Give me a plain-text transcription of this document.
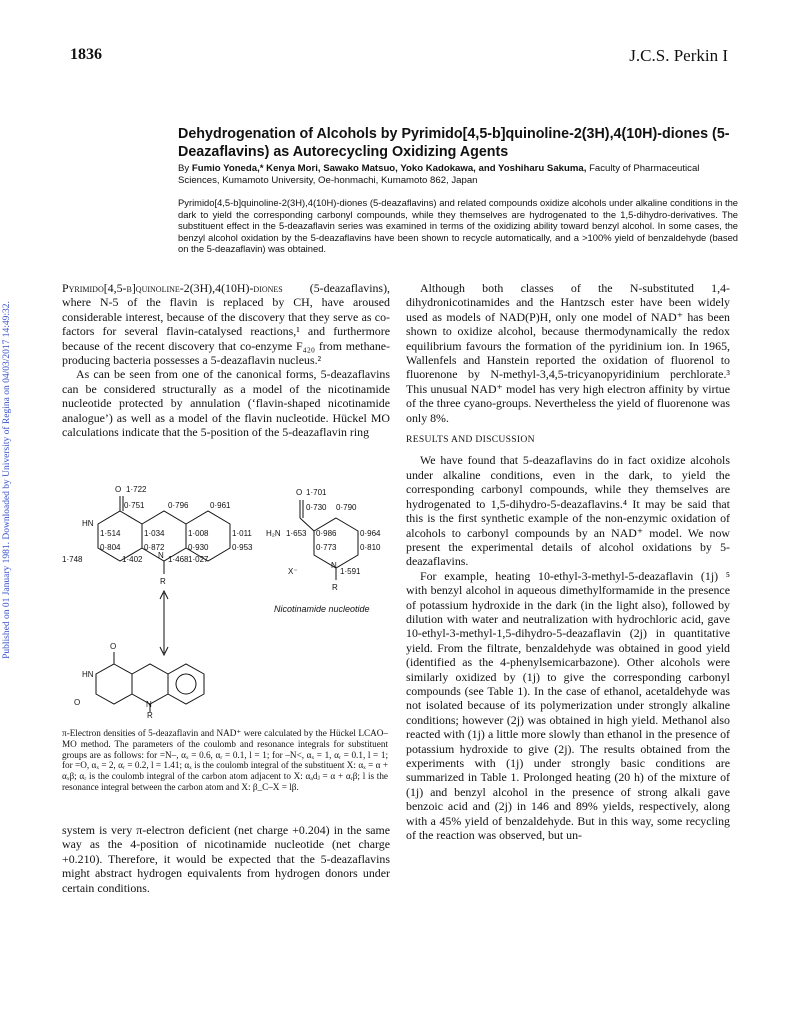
1836	J.C.S. Perkin I
Published on 01 January 1981. Downloaded by University of Regina on 04/03/2017 14:49:32.
Dehydrogenation of Alcohols by Pyrimido[4,5-b]quinoline-2(3H),4(10H)-diones (5-Deazaflavins) as Autorecycling Oxidizing Agents
By Fumio Yoneda,* Kenya Mori, Sawako Matsuo, Yoko Kadokawa, and Yoshiharu Sakuma, Faculty of Pharmaceutical Sciences, Kumamoto University, Oe-honmachi, Kumamoto 862, Japan
Pyrimido[4,5-b]quinoline-2(3H),4(10H)-diones (5-deazaflavins) and related compounds oxidize alcohols under alkaline conditions in the dark to yield the corresponding carbonyl compounds, while they themselves are hydrogenated to the 1,5-dihydro-derivatives. The substituent effect in the 5-deazaflavin series was examined in terms of the oxidizing ability toward benzyl alcohol. In some cases, the benzyl alcohol oxidation by the 5-deazaflavins have been shown to recycle automatically, and a >100% yield of benzaldehyde (based on the 5-deazaflavin) was obtained.

Pyrimido[4,5-b]quinoline-2(3H),4(10H)-diones (5-deazaflavins), where N-5 of the flavin is replaced by CH, have aroused considerable interest, because of the discovery that they serve as co-factors for several flavin-catalysed reactions,¹ and furthermore because of the recent discovery that co-enzyme F₄₂₀ from methane-producing bacteria possesses a 5-deazaflavin nucleus.²

As can be seen from one of the canonical forms, 5-deazaflavins can be considered structurally as a model of the nicotinamide nucleotide protected by annulation (‘flavin-shaped nicotinamide analogue’) as well as a model of the flavin nucleotide. Hückel MO calculations indicate that the 5-position of the 5-deazaflavin ring

O 1·722
HN
0·751	0·796	0·961
1·514	1·034	1·008	1·011
0·804	0·872	0·930	0·953
1·748	1·402 N 1·468 1·027
R
O 1·701
0·730 0·790
H₂N 1·653 0·986	0·964
0·773	0·810
N
1·591
X⁻
R
Nicotinamide nucleotide
O
HN
O	N
R
π-Electron densities of 5-deazaflavin and NAD⁺ were calculated by the Hückel LCAO–MO method. The parameters of the coulomb and resonance integrals for substituent groups are as follows: for =N–, αₓ = 0.6, αᵣ = 0.1, l = 1; for –N<, αₓ = 1, αᵣ = 0.1, l = 1; for =O, αₓ = 2, αᵣ = 0.2, l = 1.41; αₓ is the coulomb integral of the substituent X: αₓ = α + αₓβ; αᵣ is the coulomb integral of the carbon atom adjacent to X: αₐdⱼ = α + αᵣβ; l is the resonance integral between the carbon atom and X: β_C–X = lβ.

system is very π-electron deficient (net charge +0.204) in the same way as the 4-position of nicotinamide nucleotide (net charge +0.210). Therefore, it would be expected that the 5-deazaflavins might abstract hydrogen equivalents from hydrogen donors under certain conditions.

Although both classes of the N-substituted 1,4-dihydronicotinamides and the Hantzsch ester have been widely used as models of NAD(P)H, only one model of NAD⁺ has been shown to oxidize alcohol, because thermodynamically the redox equilibrium favours the formation of the pyridinium ion. In 1965, Wallenfels and Hanstein reported the oxidation of fluorenol to fluorenone by N-methyl-3,4,5-tricyanopyridinium perchlorate.³ This unusual NAD⁺ model has very high electron affinity by virtue of the three cyano-groups. Nevertheless the yield of fluorenone was only 8%.

RESULTS AND DISCUSSION

We have found that 5-deazaflavins do in fact oxidize alcohols under alkaline conditions, even in the dark, to yield the corresponding carbonyl compounds, while they themselves are hydrogenated to 1,5-dihydro-5-deazaflavins.⁴ It may be said that this is the first synthetic example of the non-enzymic oxidation of alcohols to carbonyl compounds by an NAD⁺ model. We now present the experimental details of alcohol oxidations by 5-deazaflavins.

For example, heating 10-ethyl-3-methyl-5-deazaflavin (1j) ⁵ with benzyl alcohol in aqueous dimethylformamide in the presence of potassium hydroxide in the dark (in the light also), followed by dilution with water and neutralization with hydrochloric acid, gave 10-ethyl-3-methyl-1,5-dihydro-5-deazaflavin (2j) in quantitative yield. From the filtrate, benzaldehyde was obtained in good yield (identified as the 4-phenylsemicarbazone). Other alcohols were similarly oxidized by (1j) to give the corresponding carbonyl compounds (see Table 1). In the case of ethanol, acetaldehyde was not isolated because of its polymerization under strongly alkaline conditions; however (2j) was obtained in high yield. Methanol also reacted with (1j) a little more slowly than ethanol in the presence of potassium hydroxide to give (2j). The results obtained from the experiments with (1j) under strongly basic conditions are summarized in Table 1. Prolonged heating (20 h) of the mixture of (1j) and benzyl alcohol in the presence of strong alkali gave benzoic acid and (2j) in 146 and 89% yields, respectively, along with a 45% yield of benzaldehyde. But in this way, some recycling of the reaction was observed, but un-
